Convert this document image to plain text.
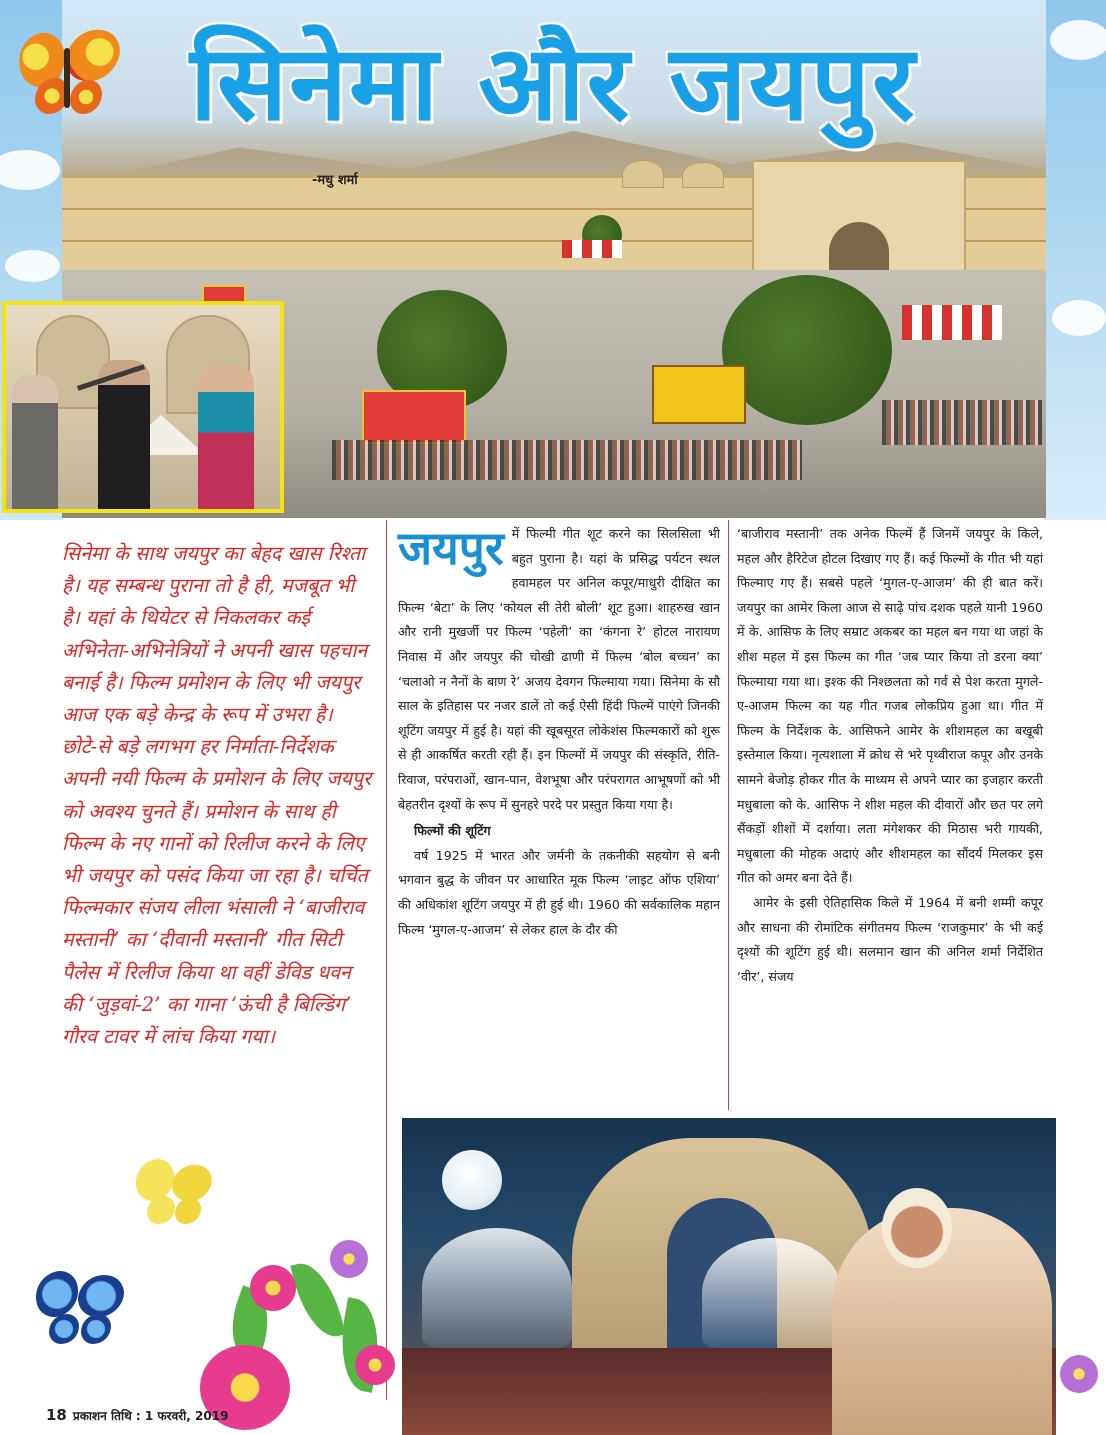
सिनेमा और जयपुर
-मधु शर्मा
सिनेमा के साथ जयपुर का बेहद खास रिश्ता है। यह सम्बन्ध पुराना तो है ही, मजबूत भी है। यहां के थियेटर से निकलकर कई अभिनेता-अभिनेत्रियों ने अपनी खास पहचान बनाई है। फिल्म प्रमोशन के लिए भी जयपुर आज एक बड़े केन्द्र के रूप में उभरा है। छोटे-से बड़े लगभग हर निर्माता-निर्देशक अपनी नयी फिल्म के प्रमोशन के लिए जयपुर को अवश्य चुनते हैं। प्रमोशन के साथ ही फिल्म के नए गानों को रिलीज करने के लिए भी जयपुर को पसंद किया जा रहा है। चर्चित फिल्मकार संजय लीला भंसाली ने ‘बाजीराव मस्तानी’ का ‘दीवानी मस्तानी’ गीत सिटी पैलेस में रिलीज किया था वहीं डेविड धवन की ‘जुड़वां-2’ का गाना ‘ऊंची है बिल्डिंग’ गौरव टावर में लांच किया गया।

जयपुर में फिल्मी गीत शूट करने का सिलसिला भी बहुत पुराना है। यहां के प्रसिद्ध पर्यटन स्थल हवामहल पर अनिल कपूर/माधुरी दीक्षित का फिल्म ‘बेटा’ के लिए ‘कोयल सी तेरी बोली’ शूट हुआ। शाहरुख खान और रानी मुखर्जी पर फिल्म ‘पहेली’ का ‘कंगना रे’ होटल नारायण निवास में और जयपुर की चोखी ढाणी में फिल्म ‘बोल बच्चन’ का ‘चलाओ न नैनों के बाण रे’ अजय देवगन फिल्माया गया। सिनेमा के सौ साल के इतिहास पर नजर डालें तो कई ऐसी हिंदी फिल्में पाएंगे जिनकी शूटिंग जयपुर में हुई है। यहां की खूबसूरत लोकेशंस फिल्मकारों को शुरू से ही आकर्षित करती रही हैं। इन फिल्मों में जयपुर की संस्कृति, रीति-रिवाज, परंपराओं, खान-पान, वेशभूषा और परंपरागत आभूषणों को भी बेहतरीन दृश्यों के रूप में सुनहरे परदे पर प्रस्तुत किया गया है।

फिल्मों की शूटिंग

वर्ष 1925 में भारत और जर्मनी के तकनीकी सहयोग से बनी भगवान बुद्ध के जीवन पर आधारित मूक फिल्म ‘लाइट ऑफ एशिया’ की अधिकांश शूटिंग जयपुर में ही हुई थी। 1960 की सर्वकालिक महान फिल्म ‘मुगल-ए-आजम’ से लेकर हाल के दौर की

‘बाजीराव मस्तानी’ तक अनेक फिल्में हैं जिनमें जयपुर के किले, महल और हैरिटेज होटल दिखाए गए हैं। कई फिल्मों के गीत भी यहां फिल्माए गए हैं। सबसे पहले ‘मुगल-ए-आजम’ की ही बात करें। जयपुर का आमेर किला आज से साढ़े पांच दशक पहले यानी 1960 में के. आसिफ के लिए सम्राट अकबर का महल बन गया था जहां के शीश महल में इस फिल्म का गीत ‘जब प्यार किया तो डरना क्या’ फिल्माया गया था। इश्क की निश्छलता को गर्व से पेश करता मुगले-ए-आजम फिल्म का यह गीत गजब लोकप्रिय हुआ था। गीत में फिल्म के निर्देशक के. आसिफने आमेर के शीशमहल का बखूबी इस्तेमाल किया। नृत्यशाला में क्रोध से भरे पृथ्वीराज कपूर और उनके सामने बेजोड़ होकर गीत के माध्यम से अपने प्यार का इजहार करती मधुबाला को के. आसिफ ने शीश महल की दीवारों और छत पर लगे सैंकड़ों शीशों में दर्शाया। लता मंगेशकर की मिठास भरी गायकी, मधुबाला की मोहक अदाएं और शीशमहल का सौंदर्य मिलकर इस गीत को अमर बना देते हैं।

आमेर के इसी ऐतिहासिक किले में 1964 में बनी शम्मी कपूर और साधना की रोमांटिक संगीतमय फिल्म ‘राजकुमार’ के भी कई दृश्यों की शूटिंग हुई थी। सलमान खान की अनिल शर्मा निर्देशित ‘वीर’, संजय

18 प्रकाशन तिथि : 1 फरवरी, 2019
